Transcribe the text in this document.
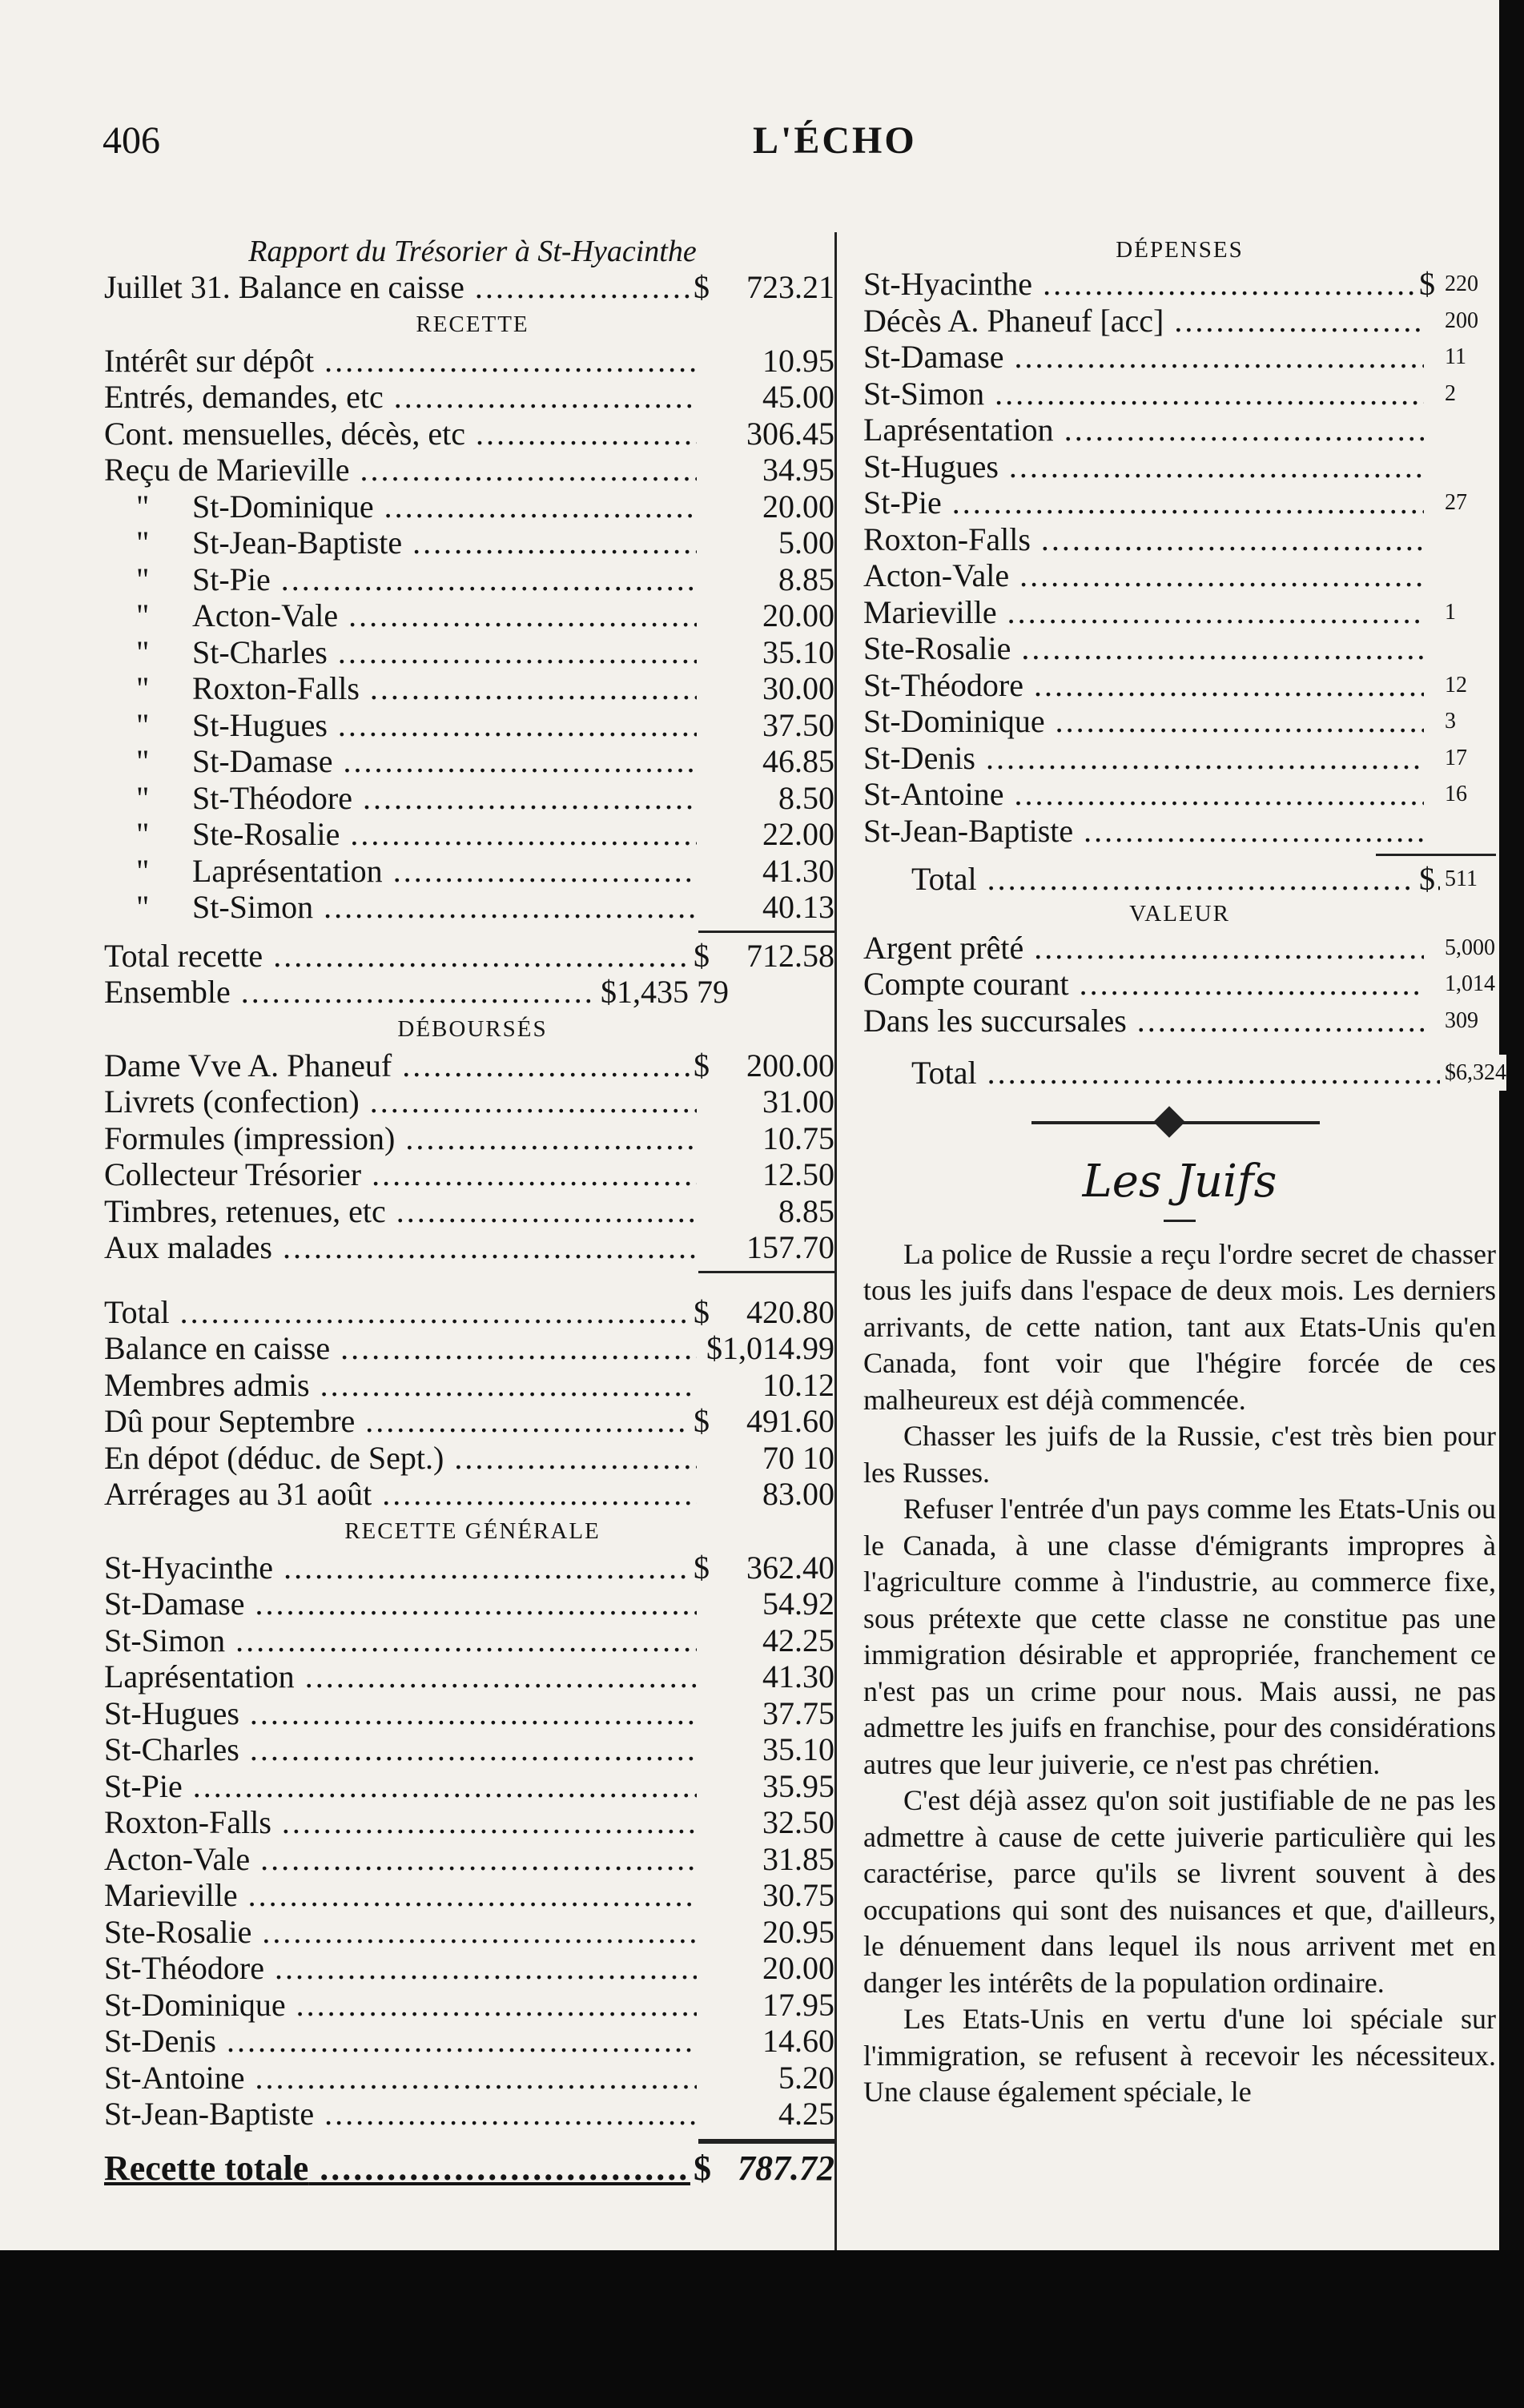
406	L'ÉCHO
Rapport du Trésorier à St-Hyacinthe
Juillet 31. Balance en caisse .....	$ 723.21
RECETTE
Intérêt sur dépôt .....	10.95
Entrés, demandes, etc .....	45.00
Cont. mensuelles, décès, etc .....	306.45
Reçu de Marieville .....	34.95
" St-Dominique .....	20.00
" St-Jean-Baptiste .....	5.00
" St-Pie .....	8.85
" Acton-Vale .....	20.00
" St-Charles .....	35.10
" Roxton-Falls .....	30.00
" St-Hugues .....	37.50
" St-Damase .....	46.85
" St-Théodore .....	8.50
" Ste-Rosalie .....	22.00
" Laprésentation .....	41.30
" St-Simon .....	40.13
Total recette .....	$ 712.58
Ensemble .....	$1,435 79
DÉBOURSÉS
Dame Vve A. Phaneuf .....	$ 200.00
Livrets (confection) .....	31.00
Formules (impression) .....	10.75
Collecteur Trésorier .....	12.50
Timbres, retenues, etc .....	8.85
Aux malades .....	157.70
Total .....	$ 420.80
Balance en caisse .....	$1,014.99
Membres admis .....	10.12
Dû pour Septembre .....	$ 491.60
En dépot (déduc. de Sept.) .....	70 10
Arrérages au 31 août .....	83.00
RECETTE GÉNÉRALE
St-Hyacinthe .....	$ 362.40
St-Damase .....	54.92
St-Simon .....	42.25
Laprésentation .....	41.30
St-Hugues .....	37.75
St-Charles .....	35.10
St-Pie .....	35.95
Roxton-Falls .....	32.50
Acton-Vale .....	31.85
Marieville .....	30.75
Ste-Rosalie .....	20.95
St-Théodore .....	20.00
St-Dominique .....	17.95
St-Denis .....	14.60
St-Antoine .....	5.20
St-Jean-Baptiste .....	4.25
Recette totale .....	$ 787.72
DÉPENSES
St-Hyacinthe .....	$ 220
Décès A. Phaneuf [acc] .....	200
St-Damase .....	11
St-Simon .....	2
Laprésentation .....
St-Hugues .....
St-Pie .....	27
Roxton-Falls .....
Acton-Vale .....
Marieville .....	1
Ste-Rosalie .....
St-Théodore .....	12
St-Dominique .....	3
St-Denis .....	17
St-Antoine .....	16
St-Jean-Baptiste .....
Total .....	$ 511
VALEUR
Argent prêté .....	5,000
Compte courant .....	1,014
Dans les succursales .....	309
Total .....	$6,324
Les Juifs

La police de Russie a reçu l'ordre secret de chasser tous les juifs dans l'espace de deux mois. Les derniers arrivants, de cette nation, tant aux Etats-Unis qu'en Canada, font voir que l'hégire forcée de ces malheureux est déjà commencée.

Chasser les juifs de la Russie, c'est très bien pour les Russes.

Refuser l'entrée d'un pays comme les Etats-Unis ou le Canada, à une classe d'émigrants impropres à l'agriculture comme à l'industrie, au commerce fixe, sous prétexte que cette classe ne constitue pas une immigration désirable et appropriée, franchement ce n'est pas un crime pour nous. Mais aussi, ne pas admettre les juifs en franchise, pour des considérations autres que leur juiverie, ce n'est pas chrétien.

C'est déjà assez qu'on soit justifiable de ne pas les admettre à cause de cette juiverie particulière qui les caractérise, parce qu'ils se livrent souvent à des occupations qui sont des nuisances et que, d'ailleurs, le dénuement dans lequel ils nous arrivent met en danger les intérêts de la population ordinaire.

Les Etats-Unis en vertu d'une loi spéciale sur l'immigration, se refusent à recevoir les nécessiteux. Une clause également spéciale, le
